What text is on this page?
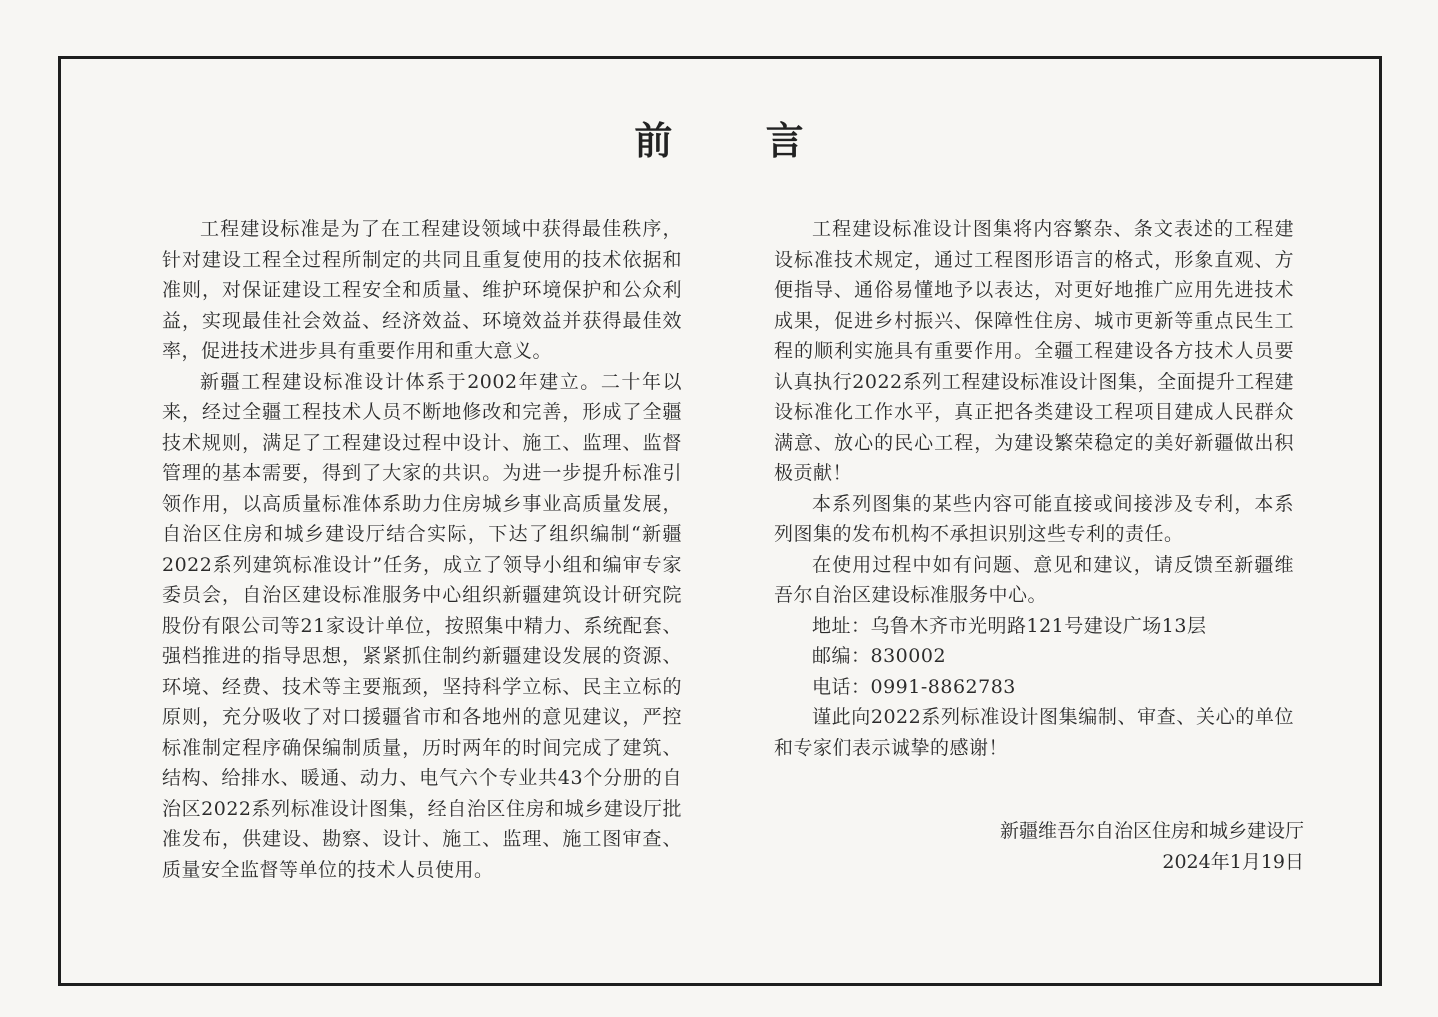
前 言

工程建设标准是为了在工程建设领域中获得最佳秩序，针对建设工程全过程所制定的共同且重复使用的技术依据和准则，对保证建设工程安全和质量、维护环境保护和公众利益，实现最佳社会效益、经济效益、环境效益并获得最佳效率，促进技术进步具有重要作用和重大意义。

新疆工程建设标准设计体系于2002年建立。二十年以来，经过全疆工程技术人员不断地修改和完善，形成了全疆技术规则，满足了工程建设过程中设计、施工、监理、监督管理的基本需要，得到了大家的共识。为进一步提升标准引领作用，以高质量标准体系助力住房城乡事业高质量发展，自治区住房和城乡建设厅结合实际，下达了组织编制“新疆2022系列建筑标准设计”任务，成立了领导小组和编审专家委员会，自治区建设标准服务中心组织新疆建筑设计研究院股份有限公司等21家设计单位，按照集中精力、系统配套、强档推进的指导思想，紧紧抓住制约新疆建设发展的资源、环境、经费、技术等主要瓶颈，坚持科学立标、民主立标的原则，充分吸收了对口援疆省市和各地州的意见建议，严控标准制定程序确保编制质量，历时两年的时间完成了建筑、结构、给排水、暖通、动力、电气六个专业共43个分册的自治区2022系列标准设计图集，经自治区住房和城乡建设厅批准发布，供建设、勘察、设计、施工、监理、施工图审查、质量安全监督等单位的技术人员使用。

工程建设标准设计图集将内容繁杂、条文表述的工程建设标准技术规定，通过工程图形语言的格式，形象直观、方便指导、通俗易懂地予以表达，对更好地推广应用先进技术成果，促进乡村振兴、保障性住房、城市更新等重点民生工程的顺利实施具有重要作用。全疆工程建设各方技术人员要认真执行2022系列工程建设标准设计图集，全面提升工程建设标准化工作水平，真正把各类建设工程项目建成人民群众满意、放心的民心工程，为建设繁荣稳定的美好新疆做出积极贡献！

本系列图集的某些内容可能直接或间接涉及专利，本系列图集的发布机构不承担识别这些专利的责任。

在使用过程中如有问题、意见和建议，请反馈至新疆维吾尔自治区建设标准服务中心。

地址：乌鲁木齐市光明路121号建设广场13层

邮编：830002

电话：0991-8862783

谨此向2022系列标准设计图集编制、审查、关心的单位和专家们表示诚挚的感谢！

新疆维吾尔自治区住房和城乡建设厅
2024年1月19日
